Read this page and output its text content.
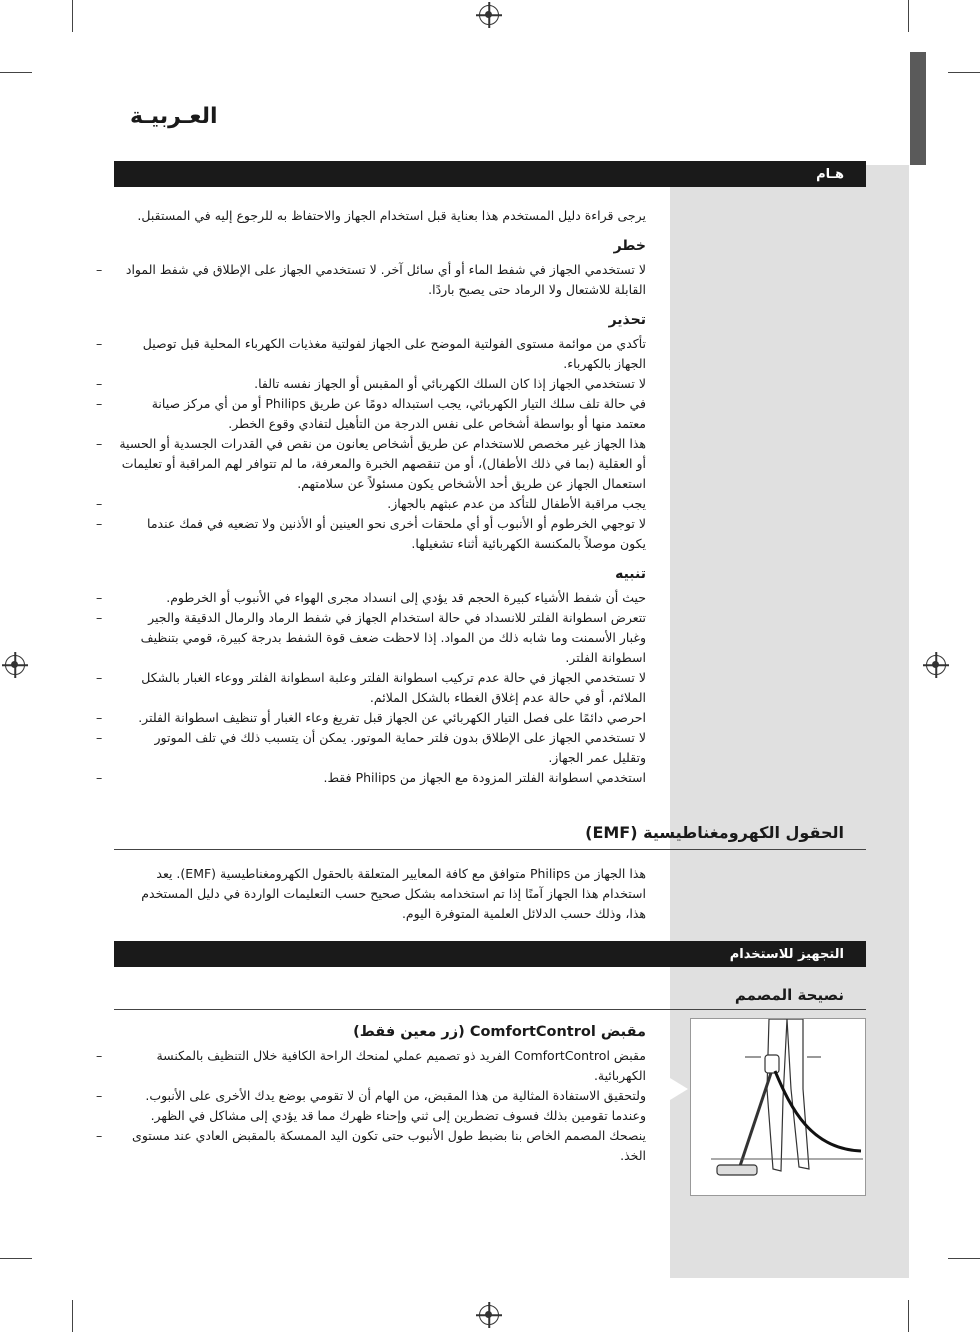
العـربيـة
هـام
يرجى قراءة دليل المستخدم هذا بعناية قبل استخدام الجهاز والاحتفاظ به للرجوع إليه في المستقبل.
خطر
– لا تستخدمي الجهاز في شفط الماء أو أي سائل آخر. لا تستخدمي الجهاز على الإطلاق في شفط المواد القابلة للاشتعال ولا الرماد حتى يصبح باردًا.
تحذير
–	تأكدي من موائمة مستوى الفولتية الموضح على الجهاز لفولتية مغذيات الكهرباء المحلية قبل توصيل الجهاز بالكهرباء.
–	لا تستخدمي الجهاز إذا كان السلك الكهربائي أو المقبس أو الجهاز نفسه تالفا.
–	في حالة تلف سلك التيار الكهربائي، يجب استبداله دومًا عن طريق Philips أو من أي مركز صيانة معتمد منها أو بواسطة أشخاص على نفس الدرجة من التأهيل لتفادي وقوع الخطر.
– هذا الجهاز غير مخصص للاستخدام عن طريق أشخاص يعانون من نقص في القدرات الجسدية أو الحسية أو العقلية (بما في ذلك الأطفال)، أو من تنقصهم الخبرة والمعرفة، ما لم تتوافر لهم المراقبة أو تعليمات استعمال الجهاز عن طريق أحد الأشخاص يكون مسئولاً عن سلامتهم.
–	يجب مراقبة الأطفال للتأكد من عدم عبثهم بالجهاز.
–	لا توجهي الخرطوم أو الأنبوب أو أي ملحقات أخرى نحو العينين أو الأذنين ولا تضعيه في فمك عندما يكون موصلاً بالمكنسة الكهربائية أثناء تشغيلها.
تنبيه
–	حيث أن شفط الأشياء كبيرة الحجم قد يؤدي إلى انسداد مجرى الهواء في الأنبوب أو الخرطوم.
–	تتعرض اسطوانة الفلتر للانسداد في حالة استخدام الجهاز في شفط الرماد والرمال الدقيقة والجير وغبار الأسمنت وما شابه ذلك من المواد. إذا لاحظت ضعف قوة الشفط بدرجة كبيرة، قومي بتنظيف اسطوانة الفلتر.
–	لا تستخدمي الجهاز في حالة عدم تركيب اسطوانة الفلتر وعلبة اسطوانة الفلتر ووعاء الغبار بالشكل الملائم، أو في حالة عدم إغلاق الغطاء بالشكل الملائم.
–	احرصي دائمًا على فصل التيار الكهربائي عن الجهاز قبل تفريغ وعاء الغبار أو تنظيف اسطوانة الفلتر.
–	لا تستخدمي الجهاز على الإطلاق بدون فلتر حماية الموتور. يمكن أن يتسبب ذلك في تلف الموتور وتقليل عمر الجهاز.
–	استخدمي اسطوانة الفلتر المزودة مع الجهاز من Philips فقط.
الحقول الكهرومغناطيسية (EMF)
هذا الجهاز من Philips متوافق مع كافة المعايير المتعلقة بالحقول الكهرومغناطيسية (EMF). يعد استخدام هذا الجهاز آمنًا إذا تم استخدامه بشكل صحيح حسب التعليمات الواردة في دليل المستخدم هذا، وذلك حسب الدلائل العلمية المتوفرة اليوم.
التجهيز للاستخدام
نصيحة المصمم
مقبض ComfortControl (زر معين فقط)
–	مقبض ComfortControl الفريد ذو تصميم عملي لمنحك الراحة الكافية خلال التنظيف بالمكنسة الكهربائية.
–	ولتحقيق الاستفادة المثالية من هذا المقبض، من الهام أن لا تقومي بوضع يدك الأخرى على الأنبوب. وعندما تقومين بذلك فسوف تضطرين إلى ثني وإحناء ظهرك مما قد يؤدي إلى مشاكل في الظهر.
– ينصحك المصمم الخاص بنا بضبط طول الأنبوب حتى تكون اليد الممسكة بالمقبض العادي عند مستوى الخذ.
